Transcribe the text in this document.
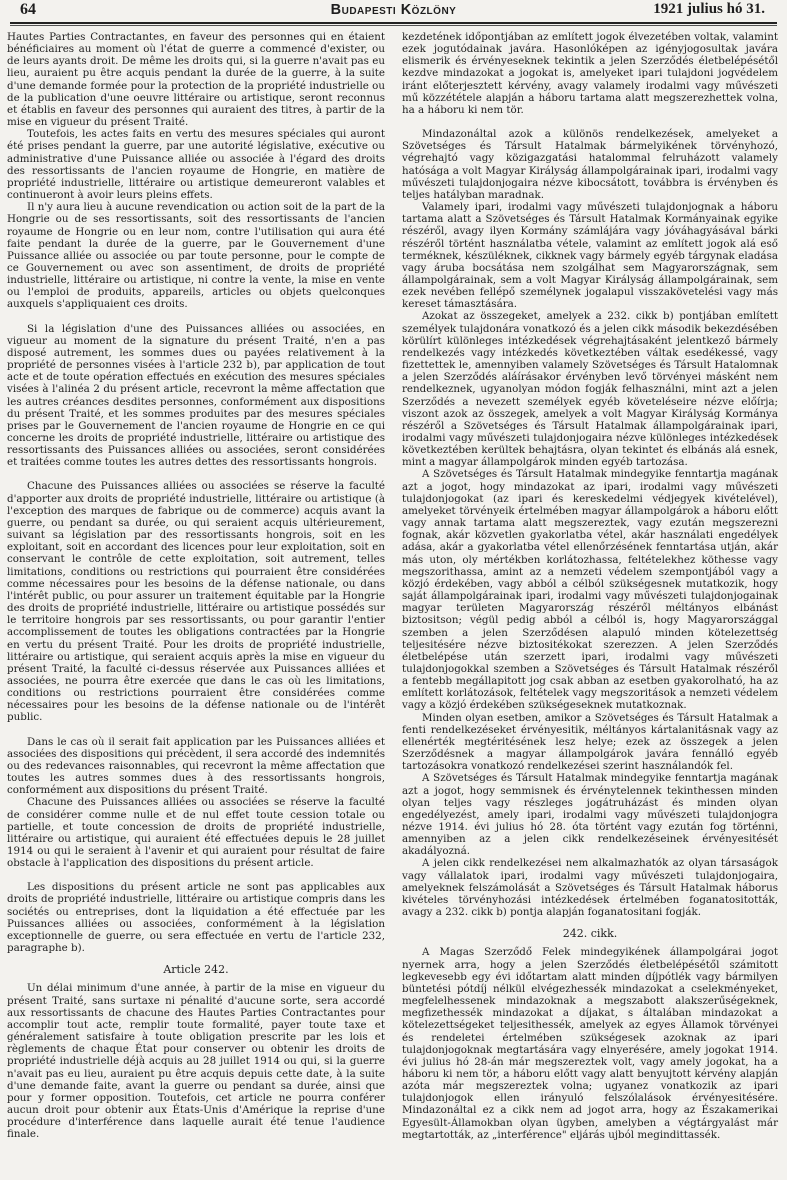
64	Budapesti Közlöny	1921 julius hó 31.

Hautes Parties Contractantes, en faveur des personnes qui en étaient bénéficiaires au moment où l'état de guerre a commencé d'exister, ou de leurs ayants droit. De même les droits qui, si la guerre n'avait pas eu lieu, auraient pu être acquis pendant la durée de la guerre, à la suite d'une demande formée pour la protection de la propriété industrielle ou de la publication d'une oeuvre littéraire ou artistique, seront reconnus et établis en faveur des personnes qui auraient des titres, à partir de la mise en vigueur du présent Traité.

Toutefois, les actes faits en vertu des mesures spéciales qui auront été prises pendant la guerre, par une autorité législative, exécutive ou administrative d'une Puissance alliée ou associée à l'égard des droits des ressortissants de l'ancien royaume de Hongrie, en matière de propriété industrielle, littéraire ou artistique demeureront valables et continueront à avoir leurs pleins effets.

Il n'y aura lieu à aucune revendication ou action soit de la part de la Hongrie ou de ses ressortissants, soit des ressortissants de l'ancien royaume de Hongrie ou en leur nom, contre l'utilisation qui aura été faite pendant la durée de la guerre, par le Gouvernement d'une Puissance alliée ou associée ou par toute personne, pour le compte de ce Gouvernement ou avec son assentiment, de droits de propriété industrielle, littéraire ou artistique, ni contre la vente, la mise en vente ou l'emploi de produits, appareils, articles ou objets quelconques auxquels s'appliquaient ces droits.

Si la législation d'une des Puissances alliées ou associées, en vigueur au moment de la signature du présent Traité, n'en a pas disposé autrement, les sommes dues ou payées relativement à la propriété de personnes visées à l'article 232 b), par application de tout acte et de toute opération effectués en exécution des mesures spéciales visées à l'alinéa 2 du présent article, recevront la même affectation que les autres créances desdites personnes, conformément aux dispositions du présent Traité, et les sommes produites par des mesures spéciales prises par le Gouvernement de l'ancien royaume de Hongrie en ce qui concerne les droits de propriété industrielle, littéraire ou artistique des ressortissants des Puissances alliées ou associées, seront considérées et traitées comme toutes les autres dettes des ressortissants hongrois.

Chacune des Puissances alliées ou associées se réserve la faculté d'apporter aux droits de propriété industrielle, littéraire ou artistique (à l'exception des marques de fabrique ou de commerce) acquis avant la guerre, ou pendant sa durée, ou qui seraient acquis ultérieurement, suivant sa législation par des ressortissants hongrois, soit en les exploitant, soit en accordant des licences pour leur exploitation, soit en conservant le contrôle de cette exploitation, soit autrement, telles limitations, conditions ou restrictions qui pourraient être considérées comme nécessaires pour les besoins de la défense nationale, ou dans l'intérêt public, ou pour assurer un traitement équitable par la Hongrie des droits de propriété industrielle, littéraire ou artistique possédés sur le territoire hongrois par ses ressortissants, ou pour garantir l'entier accomplissement de toutes les obligations contractées par la Hongrie en vertu du présent Traité. Pour les droits de propriété industrielle, littéraire ou artistique, qui seraient acquis après la mise en vigueur du présent Traité, la faculté ci-dessus réservée aux Puissances alliées et associées, ne pourra être exercée que dans le cas où les limitations, conditions ou restrictions pourraient être considérées comme nécessaires pour les besoins de la défense nationale ou de l'intérêt public.

Dans le cas où il serait fait application par les Puissances alliées et associées des dispositions qui précèdent, il sera accordé des indemnités ou des redevances raisonnables, qui recevront la même affectation que toutes les autres sommes dues à des ressortissants hongrois, conformément aux dispositions du présent Traité.

Chacune des Puissances alliées ou associées se réserve la faculté de considérer comme nulle et de nul effet toute cession totale ou partielle, et toute concession de droits de propriété industrielle, littéraire ou artistique, qui auraient été effectuées depuis le 28 juillet 1914 ou qui le seraient à l'avenir et qui auraient pour résultat de faire obstacle à l'application des dispositions du présent article.

Les dispositions du présent article ne sont pas applicables aux droits de propriété industrielle, littéraire ou artistique compris dans les sociétés ou entreprises, dont la liquidation a été effectuée par les Puissances alliées ou associées, conformément à la législation exceptionnelle de guerre, ou sera effectuée en vertu de l'article 232, paragraphe b).

Article 242.

Un délai minimum d'une année, à partir de la mise en vigueur du présent Traité, sans surtaxe ni pénalité d'aucune sorte, sera accordé aux ressortissants de chacune des Hautes Parties Contractantes pour accomplir tout acte, remplir toute formalité, payer toute taxe et généralement satisfaire à toute obligation prescrite par les lois et règlements de chaque État pour conserver ou obtenir les droits de propriété industrielle déjà acquis au 28 juillet 1914 ou qui, si la guerre n'avait pas eu lieu, auraient pu être acquis depuis cette date, à la suite d'une demande faite, avant la guerre ou pendant sa durée, ainsi que pour y former opposition. Toutefois, cet article ne pourra conférer aucun droit pour obtenir aux États-Unis d'Amérique la reprise d'une procédure d'interférence dans laquelle aurait été tenue l'audience finale.

kezdetének időpontjában az említett jogok élvezetében voltak, valamint ezek jogutódainak javára. Hasonlóképen az igényjogosultak javára elismerik és érvényeseknek tekintik a jelen Szerződés életbelépésétől kezdve mindazokat a jogokat is, amelyeket ipari tulajdoni jogvédelem iránt előterjesztett kérvény, avagy valamely irodalmi vagy művészeti mű közzététele alapján a háboru tartama alatt megszerezhettek volna, ha a háboru ki nem tör.

Mindazonáltal azok a különös rendelkezések, amelyeket a Szövetséges és Társult Hatalmak bármelyikének törvényhozó, végrehajtó vagy közigazgatási hatalommal felruházott valamely hatósága a volt Magyar Királyság állampolgárainak ipari, irodalmi vagy művészeti tulajdonjogaira nézve kibocsátott, továbbra is érvényben és teljes hatályban maradnak.

Valamely ipari, irodalmi vagy művészeti tulajdonjognak a háboru tartama alatt a Szövetséges és Társult Hatalmak Kormányainak egyike részéről, avagy ilyen Kormány számlájára vagy jóváhagyásával bárki részéről történt használatba vétele, valamint az említett jogok alá eső terméknek, készüléknek, cikknek vagy bármely egyéb tárgynak eladása vagy áruba bocsátása nem szolgálhat sem Magyarországnak, sem állampolgárainak, sem a volt Magyar Királyság állampolgárainak, sem ezek nevében fellépő személynek jogalapul visszakövetelési vagy más kereset támasztására.

Azokat az összegeket, amelyek a 232. cikk b) pontjában említett személyek tulajdonára vonatkozó és a jelen cikk második bekezdésében körülírt különleges intézkedések végrehajtásaként jelentkező bármely rendelkezés vagy intézkedés következtében váltak esedékessé, vagy fizettettek le, amennyiben valamely Szövetséges és Társult Hatalomnak a jelen Szerződés aláírásakor érvényben levő törvényei másként nem rendelkeznek, ugyanolyan módon fogják felhasználni, mint azt a jelen Szerződés a nevezett személyek egyéb követeléseire nézve előírja; viszont azok az összegek, amelyek a volt Magyar Királyság Kormánya részéről a Szövetséges és Társult Hatalmak állampolgárainak ipari, irodalmi vagy művészeti tulajdonjogaira nézve különleges intézkedések következtében kerültek behajtásra, olyan tekintet és elbánás alá esnek, mint a magyar állampolgárok minden egyéb tartozása.

A Szövetséges és Társult Hatalmak mindegyike fenntartja magának azt a jogot, hogy mindazokat az ipari, irodalmi vagy művészeti tulajdonjogokat (az ipari és kereskedelmi védjegyek kivételével), amelyeket törvényeik értelmében magyar állampolgárok a háboru előtt vagy annak tartama alatt megszereztek, vagy ezután megszerezni fognak, akár közvetlen gyakorlatba vétel, akár használati engedélyek adása, akár a gyakorlatba vétel ellenőrzésének fenntartása utján, akár más uton, oly mértékben korlátozhassa, feltételekhez köthesse vagy megszorithassa, amint az a nemzeti védelem szempontjából vagy a közjó érdekében, vagy abból a célból szükségesnek mutatkozik, hogy saját állampolgárainak ipari, irodalmi vagy művészeti tulajdonjogainak magyar területen Magyarország részéről méltányos elbánást biztositson; végül pedig abból a célból is, hogy Magyarországgal szemben a jelen Szerződésen alapuló minden kötelezettség teljesitésére nézve biztositékokat szerezzen. A jelen Szerződés életbelépése után szerzett ipari, irodalmi vagy művészeti tulajdonjogokkal szemben a Szövetséges és Társult Hatalmak részéről a fentebb megállapitott jog csak abban az esetben gyakorolható, ha az említett korlátozások, feltételek vagy megszoritások a nemzeti védelem vagy a közjó érdekében szükségeseknek mutatkoznak.

Minden olyan esetben, amikor a Szövetséges és Társult Hatalmak a fenti rendelkezéseket érvényesitik, méltányos kártalanitásnak vagy az ellenérték megtéritésének lesz helye; ezek az összegek a jelen Szerződésnek a magyar állampolgárok javára fennálló egyéb tartozásokra vonatkozó rendelkezései szerint használandók fel.

A Szövetséges és Társult Hatalmak mindegyike fenntartja magának azt a jogot, hogy semmisnek és érvénytelennek tekinthessen minden olyan teljes vagy részleges jogátruházást és minden olyan engedélyezést, amely ipari, irodalmi vagy művészeti tulajdonjogra nézve 1914. évi julius hó 28. óta történt vagy ezután fog történni, amennyiben az a jelen cikk rendelkezéseinek érvényesitését akadályozná.

A jelen cikk rendelkezései nem alkalmazhatók az olyan társaságok vagy vállalatok ipari, irodalmi vagy művészeti tulajdonjogaira, amelyeknek felszámolását a Szövetséges és Társult Hatalmak háborus kivételes törvényhozási intézkedések értelmében foganatositották, avagy a 232. cikk b) pontja alapján foganatositani fogják.

242. cikk.

A Magas Szerződő Felek mindegyikének állampolgárai jogot nyernek arra, hogy a jelen Szerződés életbelépésétől számitott legkevesebb egy évi időtartam alatt minden díjpótlék vagy bármilyen büntetési pótdíj nélkül elvégezhessék mindazokat a cselekményeket, megfelelhessenek mindazoknak a megszabott alakszerűségeknek, megfizethessék mindazokat a díjakat, s általában mindazokat a kötelezettségeket teljesithessék, amelyek az egyes Államok törvényei és rendeletei értelmében szükségesek azoknak az ipari tulajdonjogoknak megtartására vagy elnyerésére, amely jogokat 1914. évi julius hó 28-án már megszereztek volt, vagy amely jogokat, ha a háboru ki nem tör, a háboru előtt vagy alatt benyujtott kérvény alapján azóta már megszereztek volna; ugyanez vonatkozik az ipari tulajdonjogok ellen irányuló felszólalások érvényesitésére. Mindazonáltal ez a cikk nem ad jogot arra, hogy az Északamerikai Egyesült-Államokban olyan ügyben, amelyben a végtárgyalást már megtartották, az „interférence" eljárás ujból megindittassék.
